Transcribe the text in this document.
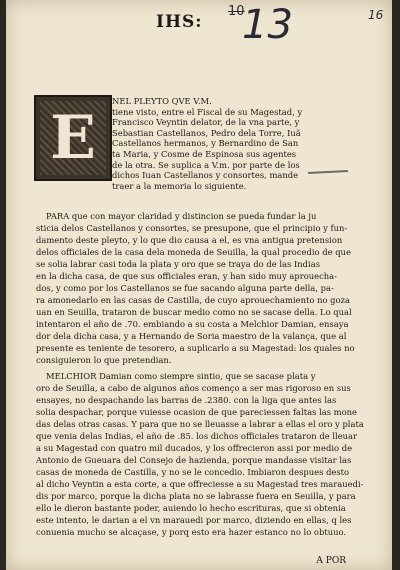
IHS:
10
13	16
E
NEL PLEYTO QVE V.M.
tiene visto, entre el Fiscal de su Magestad, y
Francisco Veyntin delator, de la vna parte, y
Sebastian Castellanos, Pedro dela Torre, Iuã
Castellanos hermanos, y Bernardino de San
ta Maria, y Cosme de Espinosa sus agentes
de la otra. Se suplica a V.m. por parte de los
dichos Iuan Castellanos y consortes, mande
traer a la memoria lo siguiente.
PARA que con mayor claridad y distincion se pueda fundar la ju
sticia delos Castellanos y consortes, se presupone, que el principio y fun-
damento deste pleyto, y lo que dio causa a el, es vna antigua pretension
delos officiales de la casa dela moneda de Seuilla, la qual procedio de que
se solia labrar casi toda la plata y oro que se traya do de las Indias
en la dicha casa, de que sus officiales eran, y han sido muy aprouecha-
dos, y como por los Castellanos se fue sacando alguna parte della, pa-
ra amonedarlo en las casas de Castilla, de cuyo aprouechamiento no goza
uan en Seuilla, trataron de buscar medio como no se sacase della. Lo qual
intentaron el año de .70. embiando a su costa a Melchior Damian, ensaya
dor dela dicha casa, y a Hernando de Soria maestro de la valança, que al
presente es teniente de tesorero, a suplicarlo a su Magestad: los quales no
consiguieron lo que pretendian.
MELCHIOR Damian como siempre sintio, que se sacase plata y
oro de Seuilla, a cabo de algunos años començo a ser mas rigoroso en sus
ensayes, no despachando las barras de .2380. con la liga que antes las
solia despachar, porque vuiesse ocasion de que pareciessen faltas las mone
das delas otras casas. Y para que no se lleuasse a labrar a ellas el oro y plata
que venia delas Indias, el año de .85. los dichos officiales trataron de lleuar
a su Magestad con quatro mil ducados, y los offrecieron assi por medio de
Antonio de Gueuara del Consejo de hazienda, porque mandasse visitar las
casas de moneda de Castilla, y no se le concedio. Imbiaron despues desto
al dicho Veyntin a esta corte, a que offreciesse a su Magestad tres marauedi-
dis por marco, porque la dicha plata no se labrasse fuera en Seuilla, y para
ello le dieron bastante poder, auiendo lo hecho escrituras, que si obtenia
este intento, le darian a el vn marauedi por marco, diziendo en ellas, q les
conuenia mucho se alcaçase, y porq esto era hazer estanco no lo obtuuo.
A POR
